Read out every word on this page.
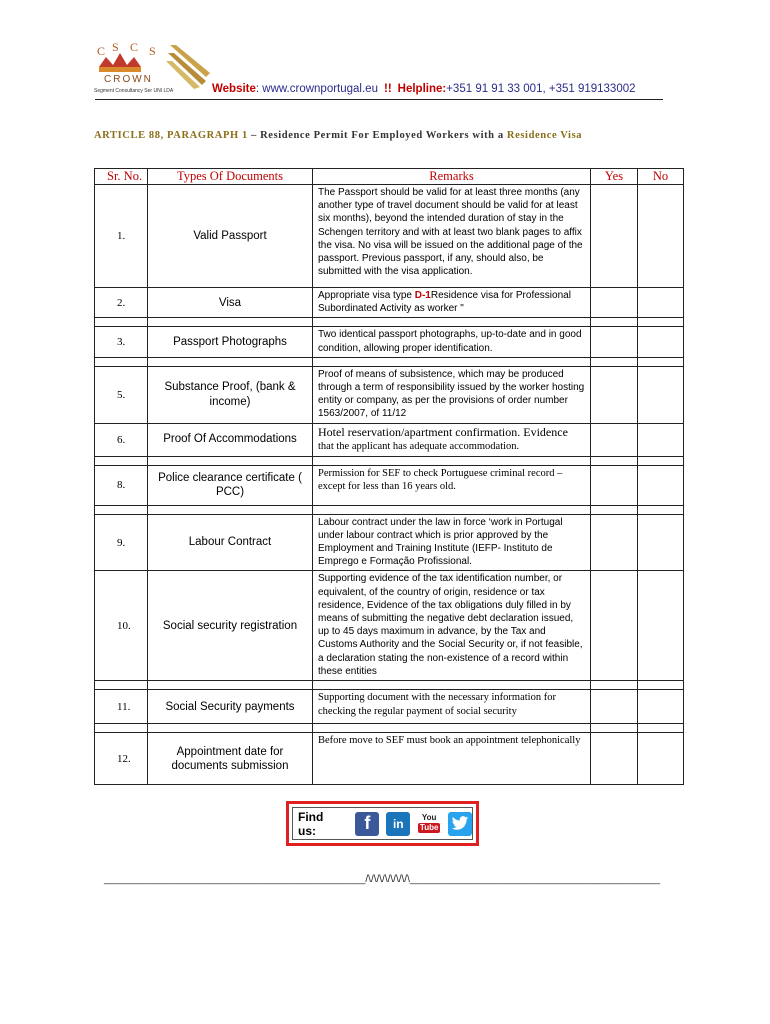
C S C S
CROWN
Segment Consultancy Ser UNI LDA	Website: www.crownportugal.eu !! Helpline:+351 91 91 33 001, +351 919133002
ARTICLE 88, PARAGRAPH 1 – Residence Permit For Employed Workers with a Residence Visa
Sr. No.	Types Of Documents	Remarks	Yes	No
1.	Valid Passport	The Passport should be valid for at least three months (any another type of travel document should be valid for at least six months), beyond the intended duration of stay in the Schengen territory and with at least two blank pages to affix the visa. No visa will be issued on the additional page of the passport. Previous passport, if any, should also, be submitted with the visa application.		
2.	Visa	Appropriate visa type D-1Residence visa for Professional Subordinated Activity as worker "		

3.	Passport Photographs	Two identical passport photographs, up-to-date and in good condition, allowing proper identification.		

5.	Substance Proof, (bank & income)	Proof of means of subsistence, which may be produced through a term of responsibility issued by the worker hosting entity or company, as per the provisions of order number 1563/2007, of 11/12		
6.	Proof Of Accommodations	Hotel reservation/apartment confirmation. Evidence
that the applicant has adequate accommodation.		

8.	Police clearance certificate ( PCC)	Permission for SEF to check Portuguese criminal record – except for less than 16 years old.		

9.	Labour Contract	Labour contract under the law in force ‘work in Portugal under labour contract which is prior approved by the Employment and Training Institute (IEFP- Instituto de Emprego e Formação Profissional.		
10.	Social security registration	Supporting evidence of the tax identification number, or equivalent, of the country of origin, residence or tax residence, Evidence of the tax obligations duly filled in by means of submitting the negative debt declaration issued, up to 45 days maximum in advance, by the Tax and Customs Authority and the Social Security or, if not feasible, a declaration stating the non-existence of a record within these entities		

11.	Social Security payments	Supporting document with the necessary information for checking the regular payment of social security		

12.	Appointment date for documents submission	Before move to SEF must book an appointment telephonically		
Find us:	f	in	You
Tube
_______________________________________________/\/\/\/\/\/\/\/\_____________________________________________
